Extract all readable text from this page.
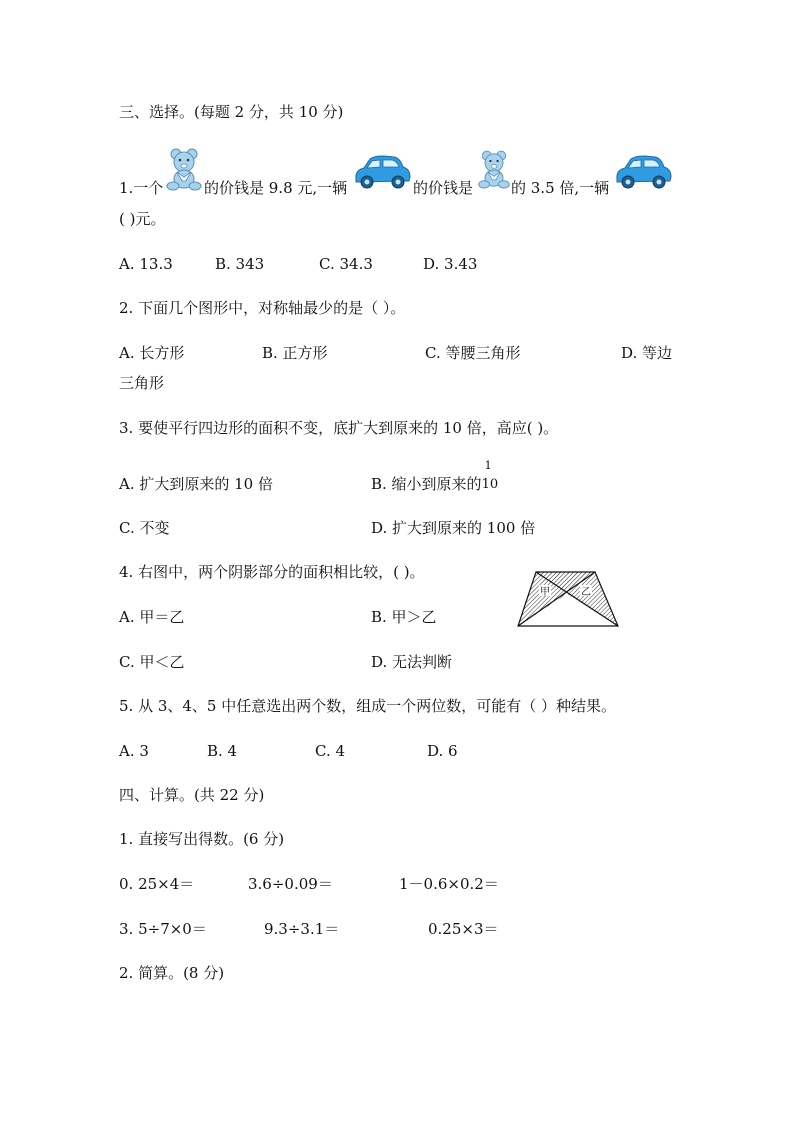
三、选择。(每题 2 分，共 10 分)
1.一个	的价钱是 9.8 元,一辆	的价钱是	的 3.5 倍,一辆
( )元。
A. 13.3	B. 343	C. 34.3	D. 3.43
2. 下面几个图形中，对称轴最少的是（ ）。
A. 长方形	B. 正方形	C. 等腰三角形	D. 等边
三角形
3. 要使平行四边形的面积不变，底扩大到原来的 10 倍，高应( )。
A. 扩大到原来的 10 倍	B. 缩小到原来的
1
10
C. 不变	D. 扩大到原来的 100 倍
4. 右图中，两个阴影部分的面积相比较，( )。
A. 甲＝乙	B. 甲＞乙
C. 甲＜乙	D. 无法判断
甲	乙
5. 从 3、4、5 中任意选出两个数，组成一个两位数，可能有（ ）种结果。
A. 3	B. 4	C. 4	D. 6
四、计算。(共 22 分)
1. 直接写出得数。(6 分)
0. 25×4＝	3.6÷0.09＝	1－0.6×0.2＝
3. 5÷7×0＝	9.3÷3.1＝	0.25×3＝
2. 简算。(8 分)
